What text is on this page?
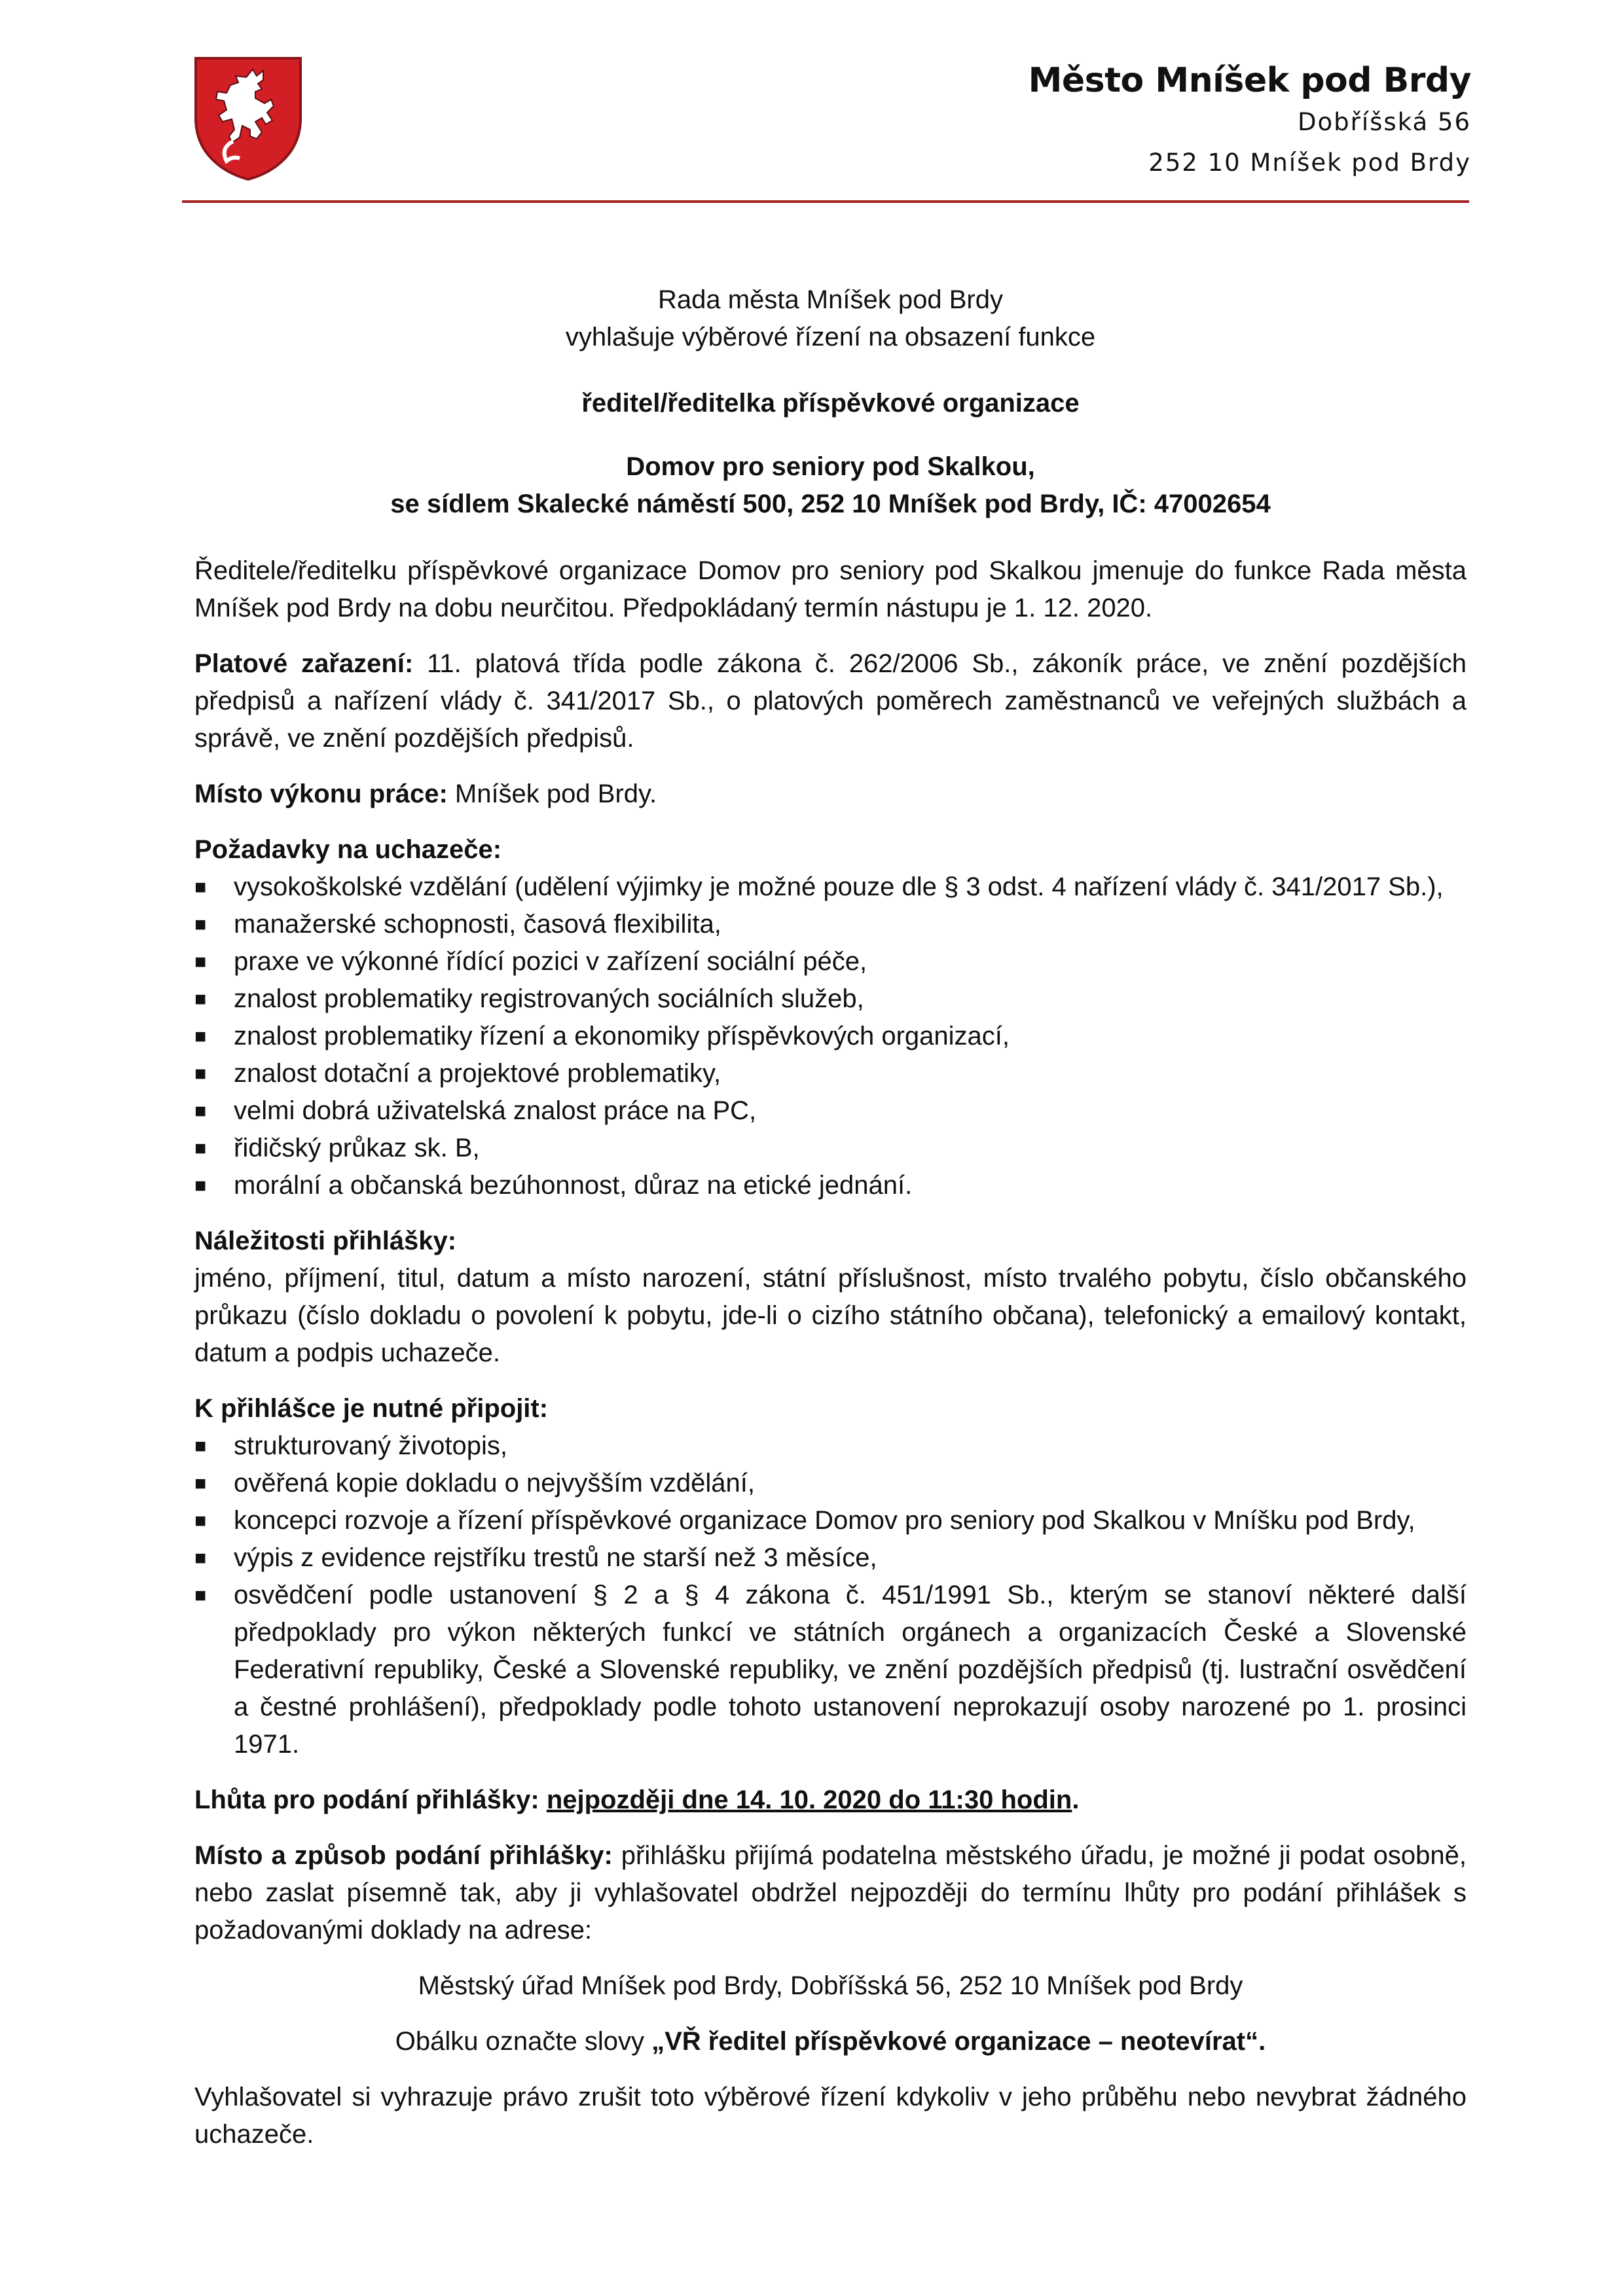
Město Mníšek pod Brdy
Dobříšská 56
252 10 Mníšek pod Brdy

Rada města Mníšek pod Brdy

vyhlašuje výběrové řízení na obsazení funkce

ředitel/ředitelka příspěvkové organizace

Domov pro seniory pod Skalkou,

se sídlem Skalecké náměstí 500, 252 10 Mníšek pod Brdy, IČ: 47002654

Ředitele/ředitelku příspěvkové organizace Domov pro seniory pod Skalkou jmenuje do funkce Rada města Mníšek pod Brdy na dobu neurčitou. Předpokládaný termín nástupu je 1. 12. 2020.

Platové zařazení: 11. platová třída podle zákona č. 262/2006 Sb., zákoník práce, ve znění pozdějších předpisů a nařízení vlády č. 341/2017 Sb., o platových poměrech zaměstnanců ve veřejných službách a správě, ve znění pozdějších předpisů.

Místo výkonu práce: Mníšek pod Brdy.

Požadavky na uchazeče:
■ vysokoškolské vzdělání (udělení výjimky je možné pouze dle § 3 odst. 4 nařízení vlády č. 341/2017 Sb.),
■ manažerské schopnosti, časová flexibilita,
■ praxe ve výkonné řídící pozici v zařízení sociální péče,
■ znalost problematiky registrovaných sociálních služeb,
■ znalost problematiky řízení a ekonomiky příspěvkových organizací,
■ znalost dotační a projektové problematiky,
■ velmi dobrá uživatelská znalost práce na PC,
■ řidičský průkaz sk. B,
■ morální a občanská bezúhonnost, důraz na etické jednání.
Náležitosti přihlášky:

jméno, příjmení, titul, datum a místo narození, státní příslušnost, místo trvalého pobytu, číslo občanského průkazu (číslo dokladu o povolení k pobytu, jde-li o cizího státního občana), telefonický a emailový kontakt, datum a podpis uchazeče.

K přihlášce je nutné připojit:
■ strukturovaný životopis,
■ ověřená kopie dokladu o nejvyšším vzdělání,
■ koncepci rozvoje a řízení příspěvkové organizace Domov pro seniory pod Skalkou v Mníšku pod Brdy,
■ výpis z evidence rejstříku trestů ne starší než 3 měsíce,
■ osvědčení podle ustanovení § 2 a § 4 zákona č. 451/1991 Sb., kterým se stanoví některé další předpoklady pro výkon některých funkcí ve státních orgánech a organizacích České a Slovenské Federativní republiky, České a Slovenské republiky, ve znění pozdějších předpisů (tj. lustrační osvědčení a čestné prohlášení), předpoklady podle tohoto ustanovení neprokazují osoby narozené po 1. prosinci 1971.

Lhůta pro podání přihlášky: nejpozději dne 14. 10. 2020 do 11:30 hodin.

Místo a způsob podání přihlášky: přihlášku přijímá podatelna městského úřadu, je možné ji podat osobně, nebo zaslat písemně tak, aby ji vyhlašovatel obdržel nejpozději do termínu lhůty pro podání přihlášek s požadovanými doklady na adrese:

Městský úřad Mníšek pod Brdy, Dobříšská 56, 252 10 Mníšek pod Brdy

Obálku označte slovy „VŘ ředitel příspěvkové organizace – neotevírat“.

Vyhlašovatel si vyhrazuje právo zrušit toto výběrové řízení kdykoliv v jeho průběhu nebo nevybrat žádného uchazeče.
